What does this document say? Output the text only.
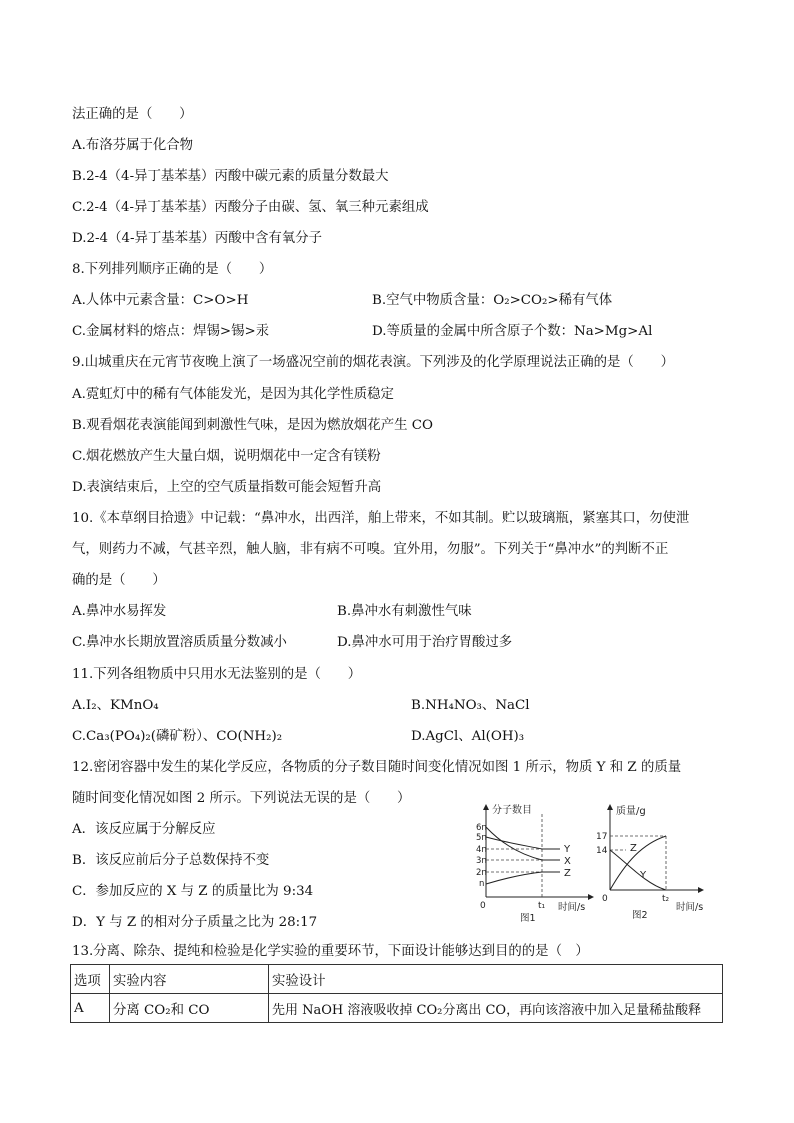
法正确的是（　　）
A.布洛芬属于化合物
B.2-4（4-异丁基苯基）丙酸中碳元素的质量分数最大
C.2-4（4-异丁基苯基）丙酸分子由碳、氢、氧三种元素组成
D.2-4（4-异丁基苯基）丙酸中含有氧分子
8.下列排列顺序正确的是（　　）
A.人体中元素含量：C>O>H	B.空气中物质含量：O₂>CO₂>稀有气体
C.金属材料的熔点：焊锡>锡>汞	D.等质量的金属中所含原子个数：Na>Mg>Al
9.山城重庆在元宵节夜晚上演了一场盛况空前的烟花表演。下列涉及的化学原理说法正确的是（　　）
A.霓虹灯中的稀有气体能发光，是因为其化学性质稳定
B.观看烟花表演能闻到刺激性气味，是因为燃放烟花产生 CO
C.烟花燃放产生大量白烟，说明烟花中一定含有镁粉
D.表演结束后，上空的空气质量指数可能会短暂升高
10.《本草纲目拾遗》中记载：“鼻冲水，出西洋，舶上带来，不如其制。贮以玻璃瓶，紧塞其口，勿使泄
气，则药力不减，气甚辛烈，触人脑，非有病不可嗅。宜外用，勿服”。下列关于“鼻冲水”的判断不正
确的是（　　）
A.鼻冲水易挥发	B.鼻冲水有刺激性气味
C.鼻冲水长期放置溶质质量分数减小	D.鼻冲水可用于治疗胃酸过多
11.下列各组物质中只用水无法鉴别的是（　　）
A.I₂、KMnO₄	B.NH₄NO₃、NaCl
C.Ca₃(PO₄)₂(磷矿粉）、CO(NH₂)₂	D.AgCl、Al(OH)₃
12.密闭容器中发生的某化学反应，各物质的分子数目随时间变化情况如图 1 所示，物质 Y 和 Z 的质量
随时间变化情况如图 2 所示。下列说法无误的是（　　）
A．该反应属于分解反应
B．该反应前后分子总数保持不变
C．参加反应的 X 与 Z 的质量比为 9:34
D．Y 与 Z 的相对分子质量之比为 28:17
分子数目
6n
5n
4n
3n
2n
n
Y
X
Z
0	t₁ 时间/s
图1
质量/g
17
14 Z
Y
0	t₂
时间/s
图2
13.分离、除杂、提纯和检验是化学实验的重要环节，下面设计能够达到目的的是（　）
选项	实验内容	实验设计
A	分离 CO₂和 CO	先用 NaOH 溶液吸收掉 CO₂分离出 CO，再向该溶液中加入足量稀盐酸释
